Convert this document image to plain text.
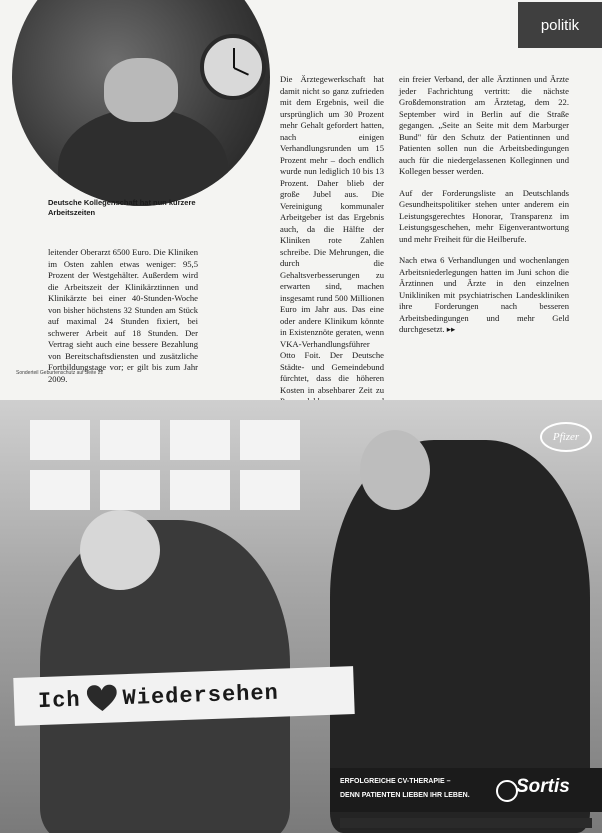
politik
Deutsche Kollegenschaft hat nun kürzere Arbeitszeiten

leitender Oberarzt 6500 Euro. Die Kliniken im Osten zahlen etwas weniger: 95,5 Prozent der Westgehälter. Außerdem wird die Arbeitszeit der Klinikärztinnen und Klinikärzte bei einer 40-Stunden-Woche von bisher höchstens 32 Stunden am Stück auf maximal 24 Stunden fixiert, bei schwerer Arbeit auf 18 Stunden. Der Vertrag sieht auch eine bessere Bezahlung von Bereitschaftsdiensten und zusätzliche Fortbildungstage vor; er gilt bis zum Jahr 2009.

Die Ärztegewerkschaft hat damit nicht so ganz zufrieden mit dem Ergebnis, weil die ursprünglich um 30 Prozent mehr Gehalt gefordert hatten, nach einigen Verhandlungsrunden um 15 Prozent mehr – doch endlich wurde nun lediglich 10 bis 13 Prozent. Daher blieb der große Jubel aus. Die Vereinigung kommunaler Arbeitgeber ist das Ergebnis auch, da die Hälfte der Kliniken rote Zahlen schreibe. Die Mehrungen, die durch die Gehaltsverbesserungen zu erwarten sind, machen insgesamt rund 500 Millionen Euro im Jahr aus. Das eine oder andere Klinikum könnte in Existenznöte geraten, wenn VKA-Verhandlungsführer Otto Foit. Der Deutsche Städte- und Gemeindebund fürchtet, dass die höheren Kosten in absehbarer Zeit zu

ein freier Verband, der alle Ärztinnen und Ärzte jeder Fachrichtung vertritt: die nächste Großdemonstration am Ärztetag, dem 22. September wird in Berlin auf die Straße gegangen. „Seite an Seite mit dem Marburger Bund" für den Schutz der Patientinnen und Patienten sollen nun die Arbeitsbedingungen auch für die niedergelassenen Kolleginnen und Kollegen besser werden.

Auf der Forderungsliste an Deutschlands Gesundheitspolitiker stehen unter anderem ein Leistungsgerechtes Honorar, Transparenz im Leistungsgeschehen, mehr Eigenverantwortung und mehr Freiheit für die Heilberufe.

Nach etwa 6 Verhandlungen und wochenlangen Arbeitsniederlegungen hatten im Juni schon die Ärztinnen und Ärzte in den einzelnen Unikliniken mit psychiatrischen Landeskliniken ihre Forderungen nach besseren Arbeitsbedingungen und mehr Geld durchgesetzt. ▸▸

Sonderteil Geburtenschutz auf Seite 22
Pfizer
Ich Wiedersehen
ERFOLGREICHE CV-THERAPIE –
DENN PATIENTEN LIEBEN IHR LEBEN. Sortis
